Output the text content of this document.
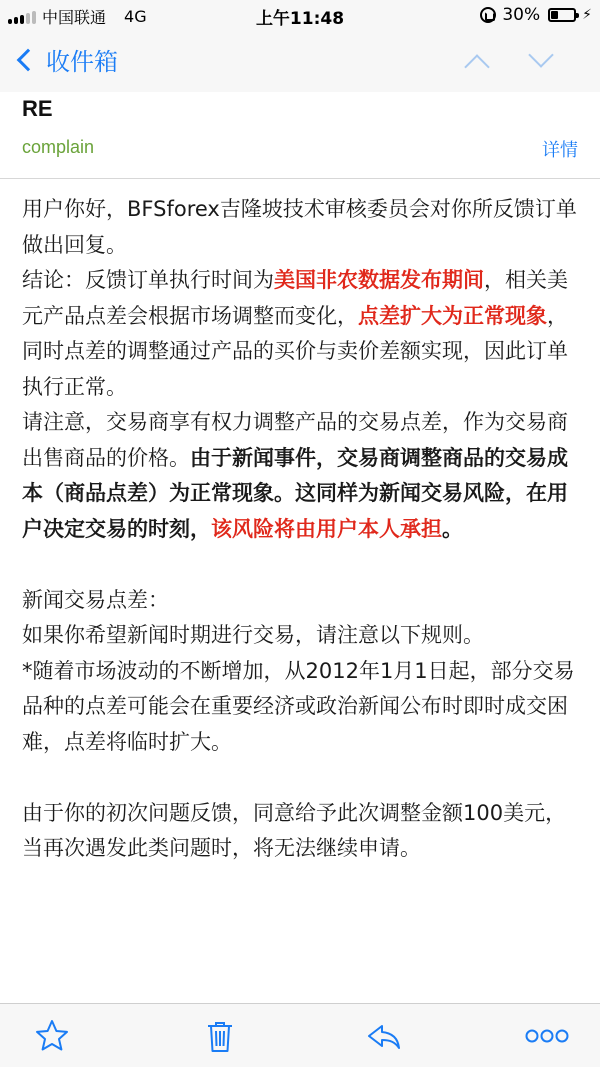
中国联通 4G	上午11:48	30%	⚡
收件箱
RE
complain	详情

用户你好，BFSforex吉隆坡技术审核委员会对你所反馈订单做出回复。

结论：反馈订单执行时间为美国非农数据发布期间，相关美元产品点差会根据市场调整而变化，点差扩大为正常现象，同时点差的调整通过产品的买价与卖价差额实现，因此订单执行正常。

请注意，交易商享有权力调整产品的交易点差，作为交易商出售商品的价格。由于新闻事件，交易商调整商品的交易成本（商品点差）为正常现象。这同样为新闻交易风险，在用户决定交易的时刻，该风险将由用户本人承担。

新闻交易点差：

如果你希望新闻时期进行交易，请注意以下规则。

*随着市场波动的不断增加，从2012年1月1日起，部分交易品种的点差可能会在重要经济或政治新闻公布时即时成交困难，点差将临时扩大。

由于你的初次问题反馈，同意给予此次调整金额100美元，当再次遇发此类问题时，将无法继续申请。
